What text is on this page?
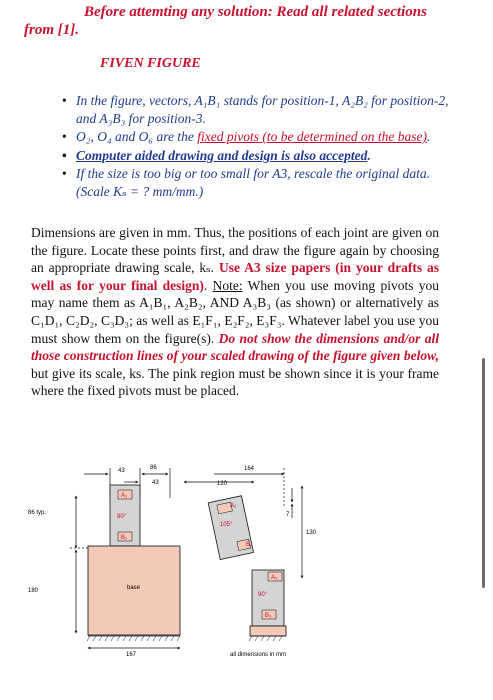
Before attemting any solution: Read all related sections
from [1].
FIVEN FIGURE
• In the figure, vectors, A₁B₁ stands for position-1, A₂B₂ for position-2, and A₃B₃ for position-3.
• O₂, O₄ and O₆ are the fixed pivots (to be determined on the base).
• Computer aided drawing and design is also accepted.
• If the size is too big or too small for A3, rescale the original data. (Scale Kₛ = ? mm/mm.)
Dimensions are given in mm. Thus, the positions of each joint are given on the figure. Locate these points first, and draw the figure again by choosing an appropriate drawing scale, kₛ. Use A3 size papers (in your drafts as well as for your final design). Note: When you use moving pivots you may name them as A₁B₁, A₂B₂, AND A₃B₃ (as shown) or alternatively as C₁D₁, C₂D₂, C₃D₃; as well as E₁F₁, E₂F₂, E₃F₃. Whatever label you use you must show them on the figure(s). Do not show the dimensions and/or all those construction lines of your scaled drawing of the figure given below, but give its scale, ks. The pink region must be shown since it is your frame where the fixed pivots must be placed.
43	86
43	120
164
86 typ.
180
7
130
A₁
B₁
90°
base
167
A₂
B₂
105°
A₃
B₃
90°
all dimensions in mm
